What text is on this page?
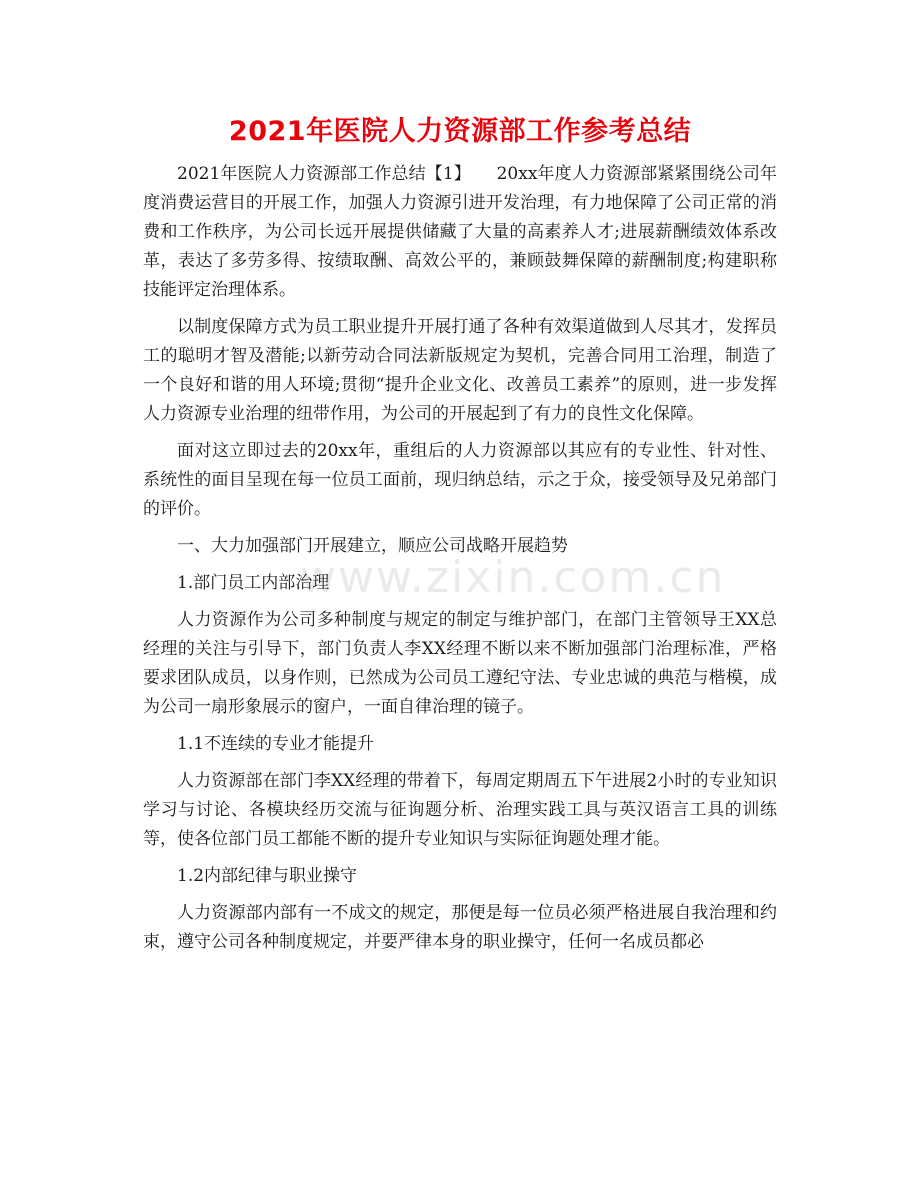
2021年医院人力资源部工作参考总结

2021年医院人力资源部工作总结【1】　　20xx年度人力资源部紧紧围绕公司年度消费运营目的开展工作，加强人力资源引进开发治理，有力地保障了公司正常的消费和工作秩序，为公司长远开展提供储藏了大量的高素养人才;进展薪酬绩效体系改革，表达了多劳多得、按绩取酬、高效公平的，兼顾鼓舞保障的薪酬制度;构建职称技能评定治理体系。

以制度保障方式为员工职业提升开展打通了各种有效渠道做到人尽其才，发挥员工的聪明才智及潜能;以新劳动合同法新版规定为契机，完善合同用工治理，制造了一个良好和谐的用人环境;贯彻“提升企业文化、改善员工素养”的原则，进一步发挥人力资源专业治理的纽带作用，为公司的开展起到了有力的良性文化保障。

面对这立即过去的20xx年，重组后的人力资源部以其应有的专业性、针对性、系统性的面目呈现在每一位员工面前，现归纳总结，示之于众，接受领导及兄弟部门的评价。

一、大力加强部门开展建立，顺应公司战略开展趋势

1.部门员工内部治理

人力资源作为公司多种制度与规定的制定与维护部门，在部门主管领导王XX总经理的关注与引导下，部门负责人李XX经理不断以来不断加强部门治理标准，严格要求团队成员，以身作则，已然成为公司员工遵纪守法、专业忠诚的典范与楷模，成为公司一扇形象展示的窗户，一面自律治理的镜子。

1.1不连续的专业才能提升

人力资源部在部门李XX经理的带着下，每周定期周五下午进展2小时的专业知识学习与讨论、各模块经历交流与征询题分析、治理实践工具与英汉语言工具的训练等，使各位部门员工都能不断的提升专业知识与实际征询题处理才能。

1.2内部纪律与职业操守

人力资源部内部有一不成文的规定，那便是每一位员必须严格进展自我治理和约束，遵守公司各种制度规定，并要严律本身的职业操守，任何一名成员都必

www.zixin.com.cn
